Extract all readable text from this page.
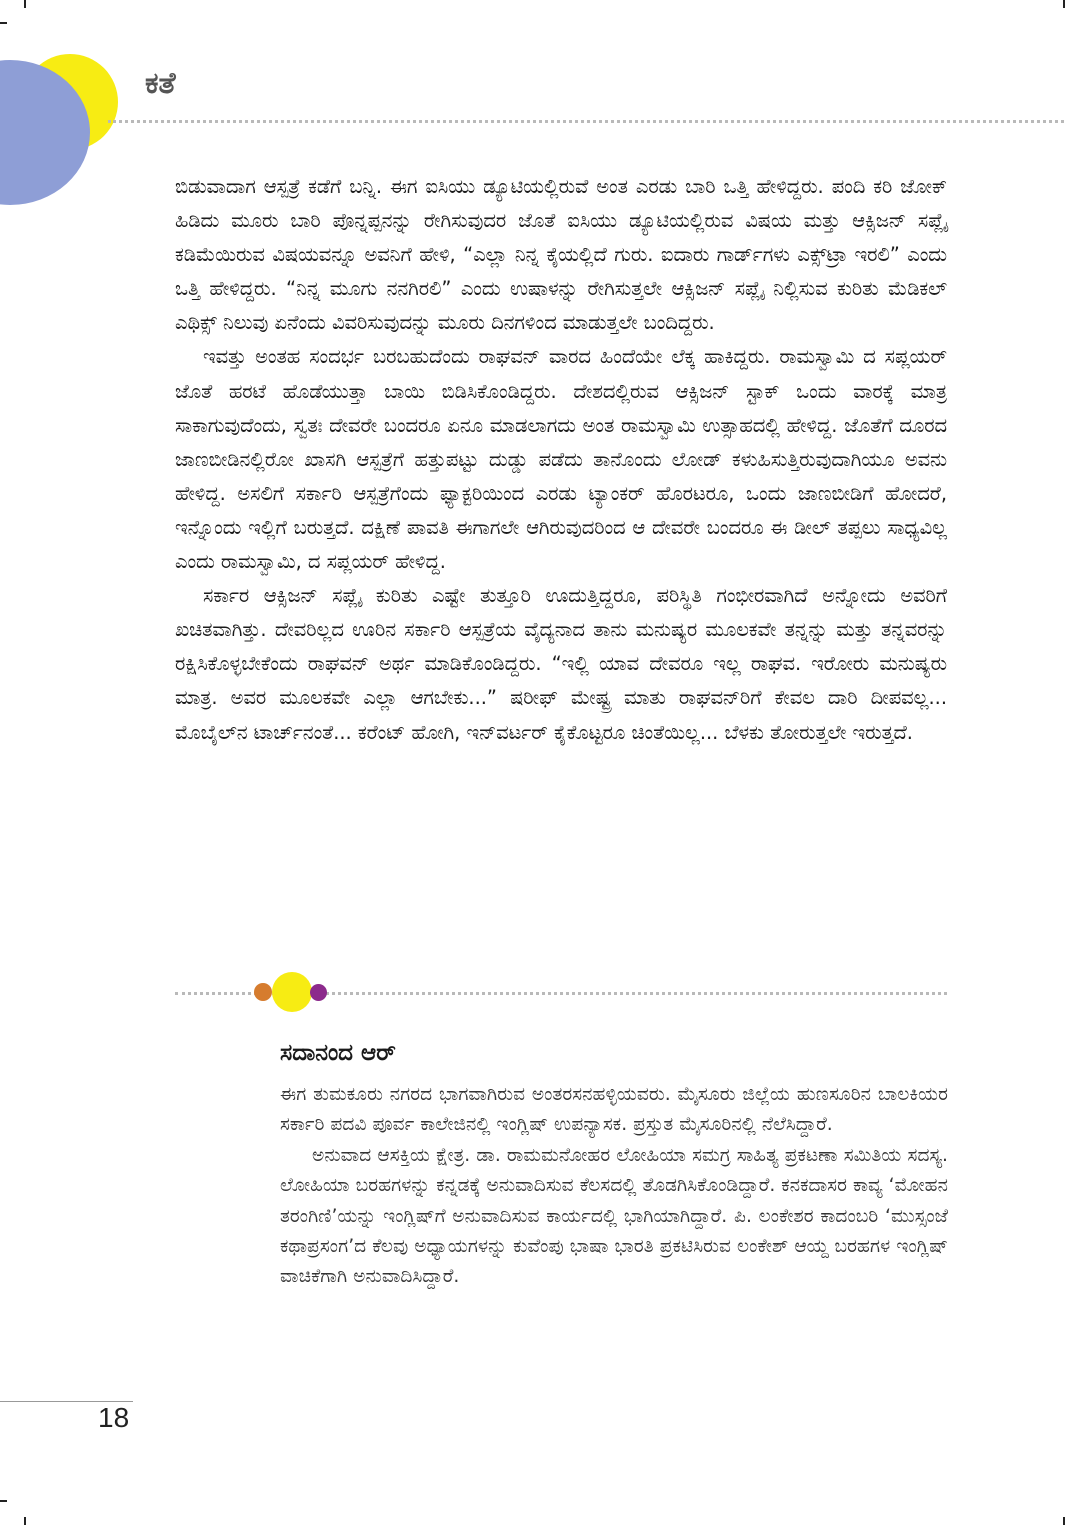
ಕತೆ

ಬಿಡುವಾದಾಗ ಆಸ್ಪತ್ರೆ ಕಡೆಗೆ ಬನ್ನಿ. ಈಗ ಐಸಿಯು ಡ್ಯೂಟಿಯಲ್ಲಿರುವೆ ಅಂತ ಎರಡು ಬಾರಿ ಒತ್ತಿ ಹೇಳಿದ್ದರು. ಪಂದಿ ಕರಿ ಜೋಕ್ ಹಿಡಿದು ಮೂರು ಬಾರಿ ಪೊನ್ನಪ್ಪನನ್ನು ರೇಗಿಸುವುದರ ಜೊತೆ ಐಸಿಯು ಡ್ಯೂಟಿಯಲ್ಲಿರುವ ವಿಷಯ ಮತ್ತು ಆಕ್ಸಿಜನ್ ಸಪ್ಲೈ ಕಡಿಮೆಯಿರುವ ವಿಷಯವನ್ನೂ ಅವನಿಗೆ ಹೇಳಿ, “ಎಲ್ಲಾ ನಿನ್ನ ಕೈಯಲ್ಲಿದೆ ಗುರು. ಐದಾರು ಗಾರ್ಡ್‌ಗಳು ಎಕ್ಸ್‌ಟ್ರಾ ಇರಲಿ” ಎಂದು ಒತ್ತಿ ಹೇಳಿದ್ದರು. “ನಿನ್ನ ಮೂಗು ನನಗಿರಲಿ” ಎಂದು ಉಷಾಳನ್ನು ರೇಗಿಸುತ್ತಲೇ ಆಕ್ಸಿಜನ್ ಸಪ್ಲೈ ನಿಲ್ಲಿಸುವ ಕುರಿತು ಮೆಡಿಕಲ್ ಎಥಿಕ್ಸ್ ನಿಲುವು ಏನೆಂದು ವಿವರಿಸುವುದನ್ನು ಮೂರು ದಿನಗಳಿಂದ ಮಾಡುತ್ತಲೇ ಬಂದಿದ್ದರು.

ಇವತ್ತು ಅಂತಹ ಸಂದರ್ಭ ಬರಬಹುದೆಂದು ರಾಘವನ್ ವಾರದ ಹಿಂದೆಯೇ ಲೆಕ್ಕ ಹಾಕಿದ್ದರು. ರಾಮಸ್ವಾಮಿ ದ ಸಪ್ಲಯರ್ ಜೊತೆ ಹರಟೆ ಹೊಡೆಯುತ್ತಾ ಬಾಯಿ ಬಿಡಿಸಿಕೊಂಡಿದ್ದರು. ದೇಶದಲ್ಲಿರುವ ಆಕ್ಸಿಜನ್ ಸ್ಟಾಕ್ ಒಂದು ವಾರಕ್ಕೆ ಮಾತ್ರ ಸಾಕಾಗುವುದೆಂದು, ಸ್ವತಃ ದೇವರೇ ಬಂದರೂ ಏನೂ ಮಾಡಲಾಗದು ಅಂತ ರಾಮಸ್ವಾಮಿ ಉತ್ಸಾಹದಲ್ಲಿ ಹೇಳಿದ್ದ. ಜೊತೆಗೆ ದೂರದ ಜಾಣಬೀಡಿನಲ್ಲಿರೋ ಖಾಸಗಿ ಆಸ್ಪತ್ರೆಗೆ ಹತ್ತುಪಟ್ಟು ದುಡ್ಡು ಪಡೆದು ತಾನೊಂದು ಲೋಡ್ ಕಳುಹಿಸುತ್ತಿರುವುದಾಗಿಯೂ ಅವನು ಹೇಳಿದ್ದ. ಅಸಲಿಗೆ ಸರ್ಕಾರಿ ಆಸ್ಪತ್ರೆಗೆಂದು ಫ್ಯಾಕ್ಟರಿಯಿಂದ ಎರಡು ಟ್ಯಾಂಕರ್ ಹೊರಟರೂ, ಒಂದು ಜಾಣಬೀಡಿಗೆ ಹೋದರೆ, ಇನ್ನೊಂದು ಇಲ್ಲಿಗೆ ಬರುತ್ತದೆ. ದಕ್ಷಿಣೆ ಪಾವತಿ ಈಗಾಗಲೇ ಆಗಿರುವುದರಿಂದ ಆ ದೇವರೇ ಬಂದರೂ ಈ ಡೀಲ್ ತಪ್ಪಲು ಸಾಧ್ಯವಿಲ್ಲ ಎಂದು ರಾಮಸ್ವಾಮಿ, ದ ಸಪ್ಲಯರ್ ಹೇಳಿದ್ದ.

ಸರ್ಕಾರ ಆಕ್ಸಿಜನ್ ಸಪ್ಲೈ ಕುರಿತು ಎಷ್ಟೇ ತುತ್ತೂರಿ ಊದುತ್ತಿದ್ದರೂ, ಪರಿಸ್ಥಿತಿ ಗಂಭೀರವಾಗಿದೆ ಅನ್ನೋದು ಅವರಿಗೆ ಖಚಿತವಾಗಿತ್ತು. ದೇವರಿಲ್ಲದ ಊರಿನ ಸರ್ಕಾರಿ ಆಸ್ಪತ್ರೆಯ ವೈದ್ಯನಾದ ತಾನು ಮನುಷ್ಯರ ಮೂಲಕವೇ ತನ್ನನ್ನು ಮತ್ತು ತನ್ನವರನ್ನು ರಕ್ಷಿಸಿಕೊಳ್ಳಬೇಕೆಂದು ರಾಘವನ್ ಅರ್ಥ ಮಾಡಿಕೊಂಡಿದ್ದರು. “ಇಲ್ಲಿ ಯಾವ ದೇವರೂ ಇಲ್ಲ ರಾಘವ. ಇರೋರು ಮನುಷ್ಯರು ಮಾತ್ರ. ಅವರ ಮೂಲಕವೇ ಎಲ್ಲಾ ಆಗಬೇಕು...” ಷರೀಫ್ ಮೇಷ್ಟ್ರ ಮಾತು ರಾಘವನ್‌ರಿಗೆ ಕೇವಲ ದಾರಿ ದೀಪವಲ್ಲ... ಮೊಬೈಲ್‌ನ ಟಾರ್ಚ್‌ನಂತೆ... ಕರೆಂಟ್ ಹೋಗಿ, ಇನ್‌ವರ್ಟರ್ ಕೈಕೊಟ್ಟರೂ ಚಿಂತೆಯಿಲ್ಲ... ಬೆಳಕು ತೋರುತ್ತಲೇ ಇರುತ್ತದೆ.

ಸದಾನಂದ ಆರ್

ಈಗ ತುಮಕೂರು ನಗರದ ಭಾಗವಾಗಿರುವ ಅಂತರಸನಹಳ್ಳಿಯವರು. ಮೈಸೂರು ಜಿಲ್ಲೆಯ ಹುಣಸೂರಿನ ಬಾಲಕಿಯರ ಸರ್ಕಾರಿ ಪದವಿ ಪೂರ್ವ ಕಾಲೇಜಿನಲ್ಲಿ ಇಂಗ್ಲಿಷ್ ಉಪನ್ಯಾಸಕ. ಪ್ರಸ್ತುತ ಮೈಸೂರಿನಲ್ಲಿ ನೆಲೆಸಿದ್ದಾರೆ.

ಅನುವಾದ ಆಸಕ್ತಿಯ ಕ್ಷೇತ್ರ. ಡಾ. ರಾಮಮನೋಹರ ಲೋಹಿಯಾ ಸಮಗ್ರ ಸಾಹಿತ್ಯ ಪ್ರಕಟಣಾ ಸಮಿತಿಯ ಸದಸ್ಯ. ಲೋಹಿಯಾ ಬರಹಗಳನ್ನು ಕನ್ನಡಕ್ಕೆ ಅನುವಾದಿಸುವ ಕೆಲಸದಲ್ಲಿ ತೊಡಗಿಸಿಕೊಂಡಿದ್ದಾರೆ. ಕನಕದಾಸರ ಕಾವ್ಯ ‘ಮೋಹನ ತರಂಗಿಣಿ’ಯನ್ನು ಇಂಗ್ಲಿಷ್‌ಗೆ ಅನುವಾದಿಸುವ ಕಾರ್ಯದಲ್ಲಿ ಭಾಗಿಯಾಗಿದ್ದಾರೆ. ಪಿ. ಲಂಕೇಶರ ಕಾದಂಬರಿ ‘ಮುಸ್ಸಂಜೆ ಕಥಾಪ್ರಸಂಗ’ದ ಕೆಲವು ಅಧ್ಯಾಯಗಳನ್ನು ಕುವೆಂಪು ಭಾಷಾ ಭಾರತಿ ಪ್ರಕಟಿಸಿರುವ ಲಂಕೇಶ್ ಆಯ್ದ ಬರಹಗಳ ಇಂಗ್ಲಿಷ್ ವಾಚಿಕೆಗಾಗಿ ಅನುವಾದಿಸಿದ್ದಾರೆ.

18
